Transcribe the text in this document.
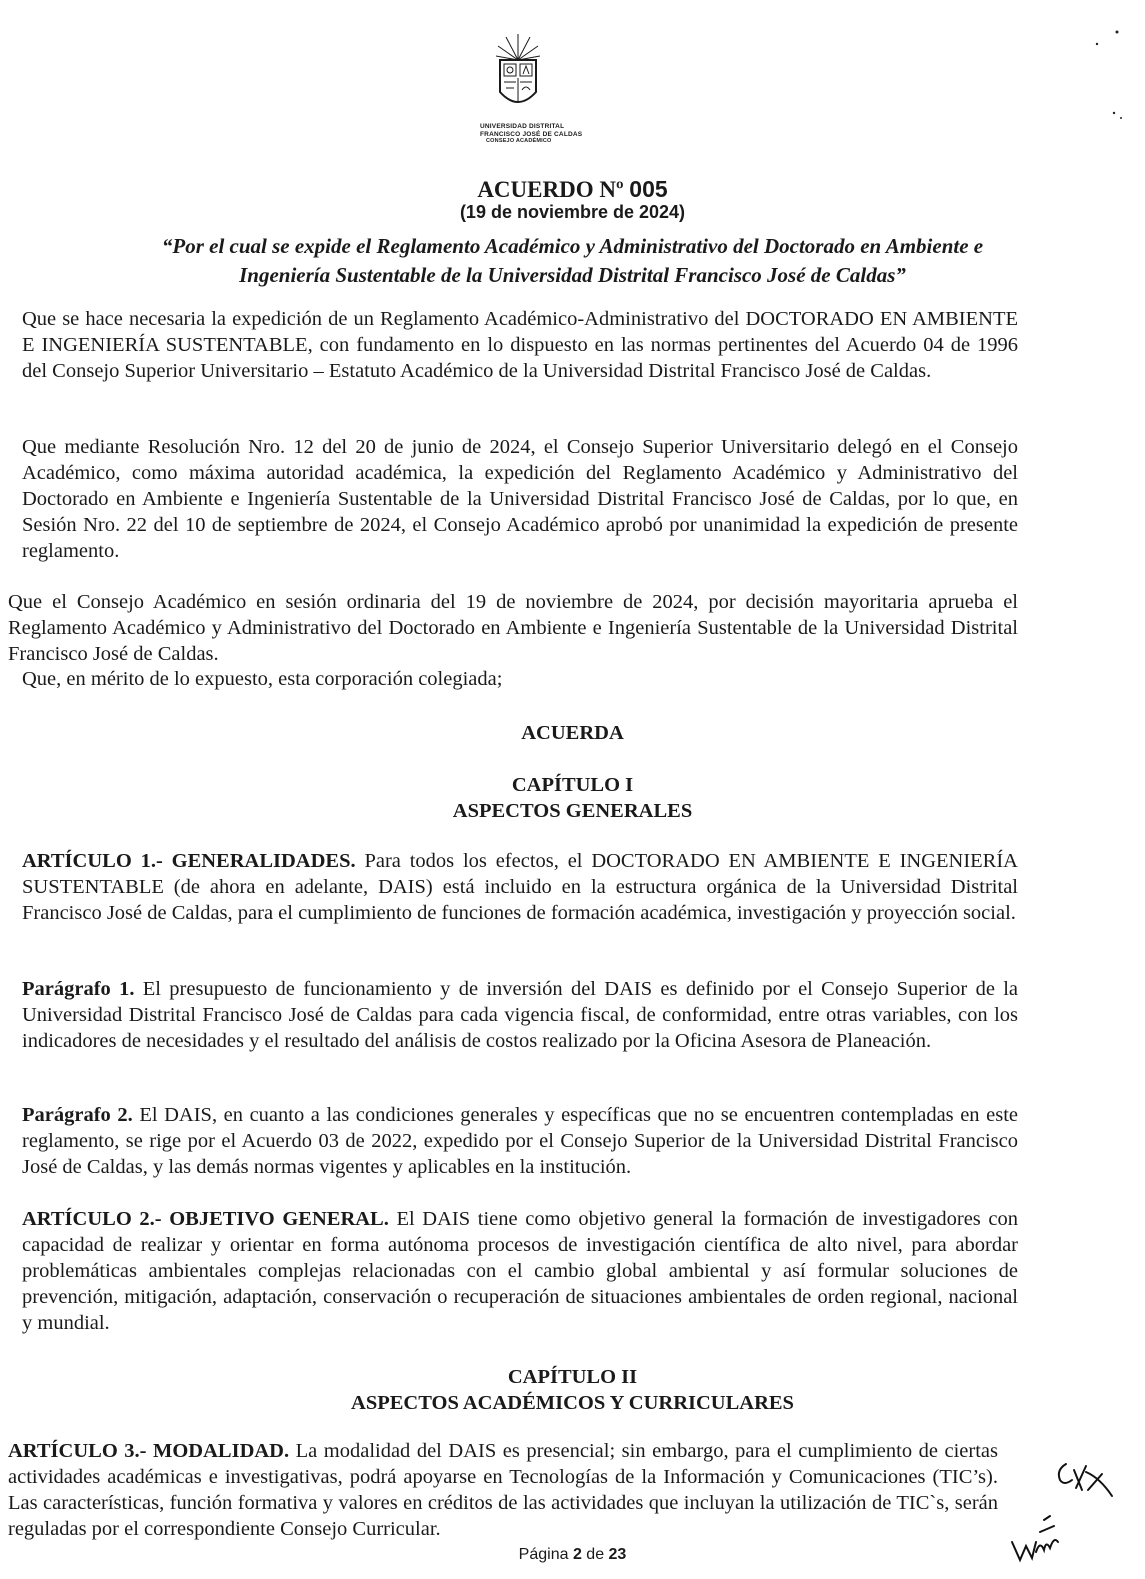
UNIVERSIDAD DISTRITAL
FRANCISCO JOSÉ DE CALDAS
CONSEJO ACADÉMICO
ACUERDO Nº 005
(19 de noviembre de 2024)
“Por el cual se expide el Reglamento Académico y Administrativo del Doctorado en Ambiente e
Ingeniería Sustentable de la Universidad Distrital Francisco José de Caldas”
Que se hace necesaria la expedición de un Reglamento Académico-Administrativo del DOCTORADO EN AMBIENTE E INGENIERÍA SUSTENTABLE, con fundamento en lo dispuesto en las normas pertinentes del Acuerdo 04 de 1996 del Consejo Superior Universitario – Estatuto Académico de la Universidad Distrital Francisco José de Caldas.
Que mediante Resolución Nro. 12 del 20 de junio de 2024, el Consejo Superior Universitario delegó en el Consejo Académico, como máxima autoridad académica, la expedición del Reglamento Académico y Administrativo del Doctorado en Ambiente e Ingeniería Sustentable de la Universidad Distrital Francisco José de Caldas, por lo que, en Sesión Nro. 22 del 10 de septiembre de 2024, el Consejo Académico aprobó por unanimidad la expedición de presente reglamento.
Que el Consejo Académico en sesión ordinaria del 19 de noviembre de 2024, por decisión mayoritaria aprueba el Reglamento Académico y Administrativo del Doctorado en Ambiente e Ingeniería Sustentable de la Universidad Distrital Francisco José de Caldas.
Que, en mérito de lo expuesto, esta corporación colegiada;
ACUERDA
CAPÍTULO I
ASPECTOS GENERALES
ARTÍCULO 1.- GENERALIDADES. Para todos los efectos, el DOCTORADO EN AMBIENTE E INGENIERÍA SUSTENTABLE (de ahora en adelante, DAIS) está incluido en la estructura orgánica de la Universidad Distrital Francisco José de Caldas, para el cumplimiento de funciones de formación académica, investigación y proyección social.
Parágrafo 1. El presupuesto de funcionamiento y de inversión del DAIS es definido por el Consejo Superior de la Universidad Distrital Francisco José de Caldas para cada vigencia fiscal, de conformidad, entre otras variables, con los indicadores de necesidades y el resultado del análisis de costos realizado por la Oficina Asesora de Planeación.
Parágrafo 2. El DAIS, en cuanto a las condiciones generales y específicas que no se encuentren contempladas en este reglamento, se rige por el Acuerdo 03 de 2022, expedido por el Consejo Superior de la Universidad Distrital Francisco José de Caldas, y las demás normas vigentes y aplicables en la institución.
ARTÍCULO 2.- OBJETIVO GENERAL. El DAIS tiene como objetivo general la formación de investigadores con capacidad de realizar y orientar en forma autónoma procesos de investigación científica de alto nivel, para abordar problemáticas ambientales complejas relacionadas con el cambio global ambiental y así formular soluciones de prevención, mitigación, adaptación, conservación o recuperación de situaciones ambientales de orden regional, nacional y mundial.
CAPÍTULO II
ASPECTOS ACADÉMICOS Y CURRICULARES
ARTÍCULO 3.- MODALIDAD. La modalidad del DAIS es presencial; sin embargo, para el cumplimiento de ciertas actividades académicas e investigativas, podrá apoyarse en Tecnologías de la Información y Comunicaciones (TIC’s). Las características, función formativa y valores en créditos de las actividades que incluyan la utilización de TIC`s, serán reguladas por el correspondiente Consejo Curricular.
Página 2 de 23
